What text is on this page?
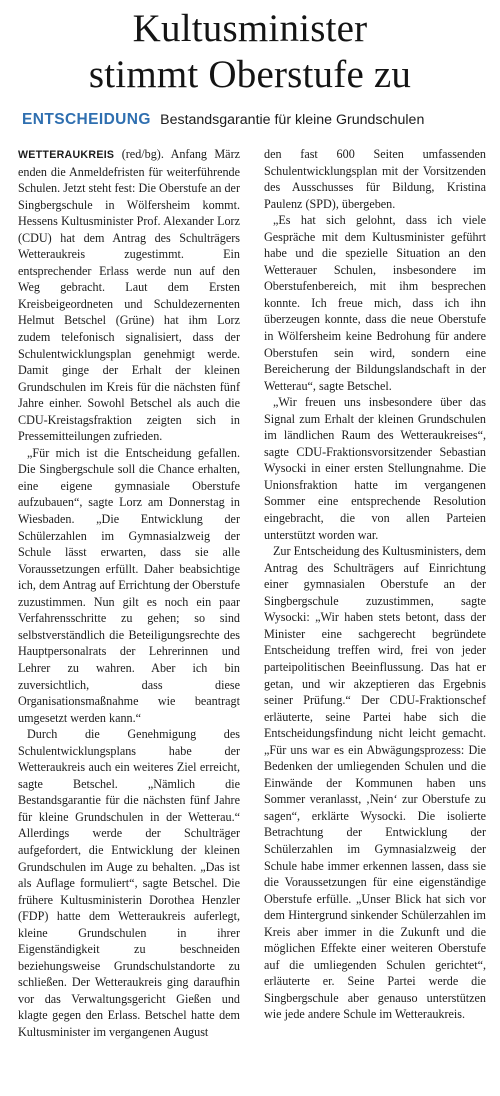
Kultusminister
stimmt Oberstufe zu
ENTSCHEIDUNG Bestandsgarantie für kleine Grundschulen

WETTERAUKREIS (red/bg). Anfang März enden die Anmeldefristen für weiterführende Schulen. Jetzt steht fest: Die Oberstufe an der Singbergschule in Wölfersheim kommt. Hessens Kultusminister Prof. Alexander Lorz (CDU) hat dem Antrag des Schulträgers Wetteraukreis zugestimmt. Ein entsprechender Erlass werde nun auf den Weg gebracht. Laut dem Ersten Kreisbeigeordneten und Schuldezernenten Helmut Betschel (Grüne) hat ihm Lorz zudem telefonisch signalisiert, dass der Schulentwicklungsplan genehmigt werde. Damit ginge der Erhalt der kleinen Grundschulen im Kreis für die nächsten fünf Jahre einher. Sowohl Betschel als auch die CDU-Kreistagsfraktion zeigten sich in Pressemitteilungen zufrieden.

„Für mich ist die Entscheidung gefallen. Die Singbergschule soll die Chance erhalten, eine eigene gymnasiale Oberstufe aufzubauen“, sagte Lorz am Donnerstag in Wiesbaden. „Die Entwicklung der Schülerzahlen im Gymnasialzweig der Schule lässt erwarten, dass sie alle Voraussetzungen erfüllt. Daher beabsichtige ich, dem Antrag auf Errichtung der Oberstufe zuzustimmen. Nun gilt es noch ein paar Verfahrensschritte zu gehen; so sind selbstverständlich die Beteiligungsrechte des Hauptpersonalrats der Lehrerinnen und Lehrer zu wahren. Aber ich bin zuversichtlich, dass diese Organisationsmaßnahme wie beantragt umgesetzt werden kann.“

Durch die Genehmigung des Schulentwicklungsplans habe der Wetteraukreis auch ein weiteres Ziel erreicht, sagte Betschel. „Nämlich die Bestandsgarantie für die nächsten fünf Jahre für kleine Grundschulen in der Wetterau.“ Allerdings werde der Schulträger aufgefordert, die Entwicklung der kleinen Grundschulen im Auge zu behalten. „Das ist als Auflage formuliert“, sagte Betschel. Die frühere Kultusministerin Dorothea Henzler (FDP) hatte dem Wetteraukreis auferlegt, kleine Grundschulen in ihrer Eigenständigkeit zu beschneiden beziehungsweise Grundschulstandorte zu schließen. Der Wetteraukreis ging daraufhin vor das Verwaltungsgericht Gießen und klagte gegen den Erlass. Betschel hatte dem Kultusminister im vergangenen August

den fast 600 Seiten umfassenden Schulentwicklungsplan mit der Vorsitzenden des Ausschusses für Bildung, Kristina Paulenz (SPD), übergeben.

„Es hat sich gelohnt, dass ich viele Gespräche mit dem Kultusminister geführt habe und die spezielle Situation an den Wetterauer Schulen, insbesondere im Oberstufenbereich, mit ihm besprechen konnte. Ich freue mich, dass ich ihn überzeugen konnte, dass die neue Oberstufe in Wölfersheim keine Bedrohung für andere Oberstufen sein wird, sondern eine Bereicherung der Bildungslandschaft in der Wetterau“, sagte Betschel.

„Wir freuen uns insbesondere über das Signal zum Erhalt der kleinen Grundschulen im ländlichen Raum des Wetteraukreises“, sagte CDU-Fraktionsvorsitzender Sebastian Wysocki in einer ersten Stellungnahme. Die Unionsfraktion hatte im vergangenen Sommer eine entsprechende Resolution eingebracht, die von allen Parteien unterstützt worden war.

Zur Entscheidung des Kultusministers, dem Antrag des Schulträgers auf Einrichtung einer gymnasialen Oberstufe an der Singbergschule zuzustimmen, sagte Wysocki: „Wir haben stets betont, dass der Minister eine sachgerecht begründete Entscheidung treffen wird, frei von jeder parteipolitischen Beeinflussung. Das hat er getan, und wir akzeptieren das Ergebnis seiner Prüfung.“ Der CDU-Fraktionschef erläuterte, seine Partei habe sich die Entscheidungsfindung nicht leicht gemacht. „Für uns war es ein Abwägungsprozess: Die Bedenken der umliegenden Schulen und die Einwände der Kommunen haben uns Sommer veranlasst, ‚Nein‘ zur Oberstufe zu sagen“, erklärte Wysocki. Die isolierte Betrachtung der Entwicklung der Schülerzahlen im Gymnasialzweig der Schule habe immer erkennen lassen, dass sie die Voraussetzungen für eine eigenständige Oberstufe erfülle. „Unser Blick hat sich vor dem Hintergrund sinkender Schülerzahlen im Kreis aber immer in die Zukunft und die möglichen Effekte einer weiteren Oberstufe auf die umliegenden Schulen gerichtet“, erläuterte er. Seine Partei werde die Singbergschule aber genauso unterstützen wie jede andere Schule im Wetteraukreis.
